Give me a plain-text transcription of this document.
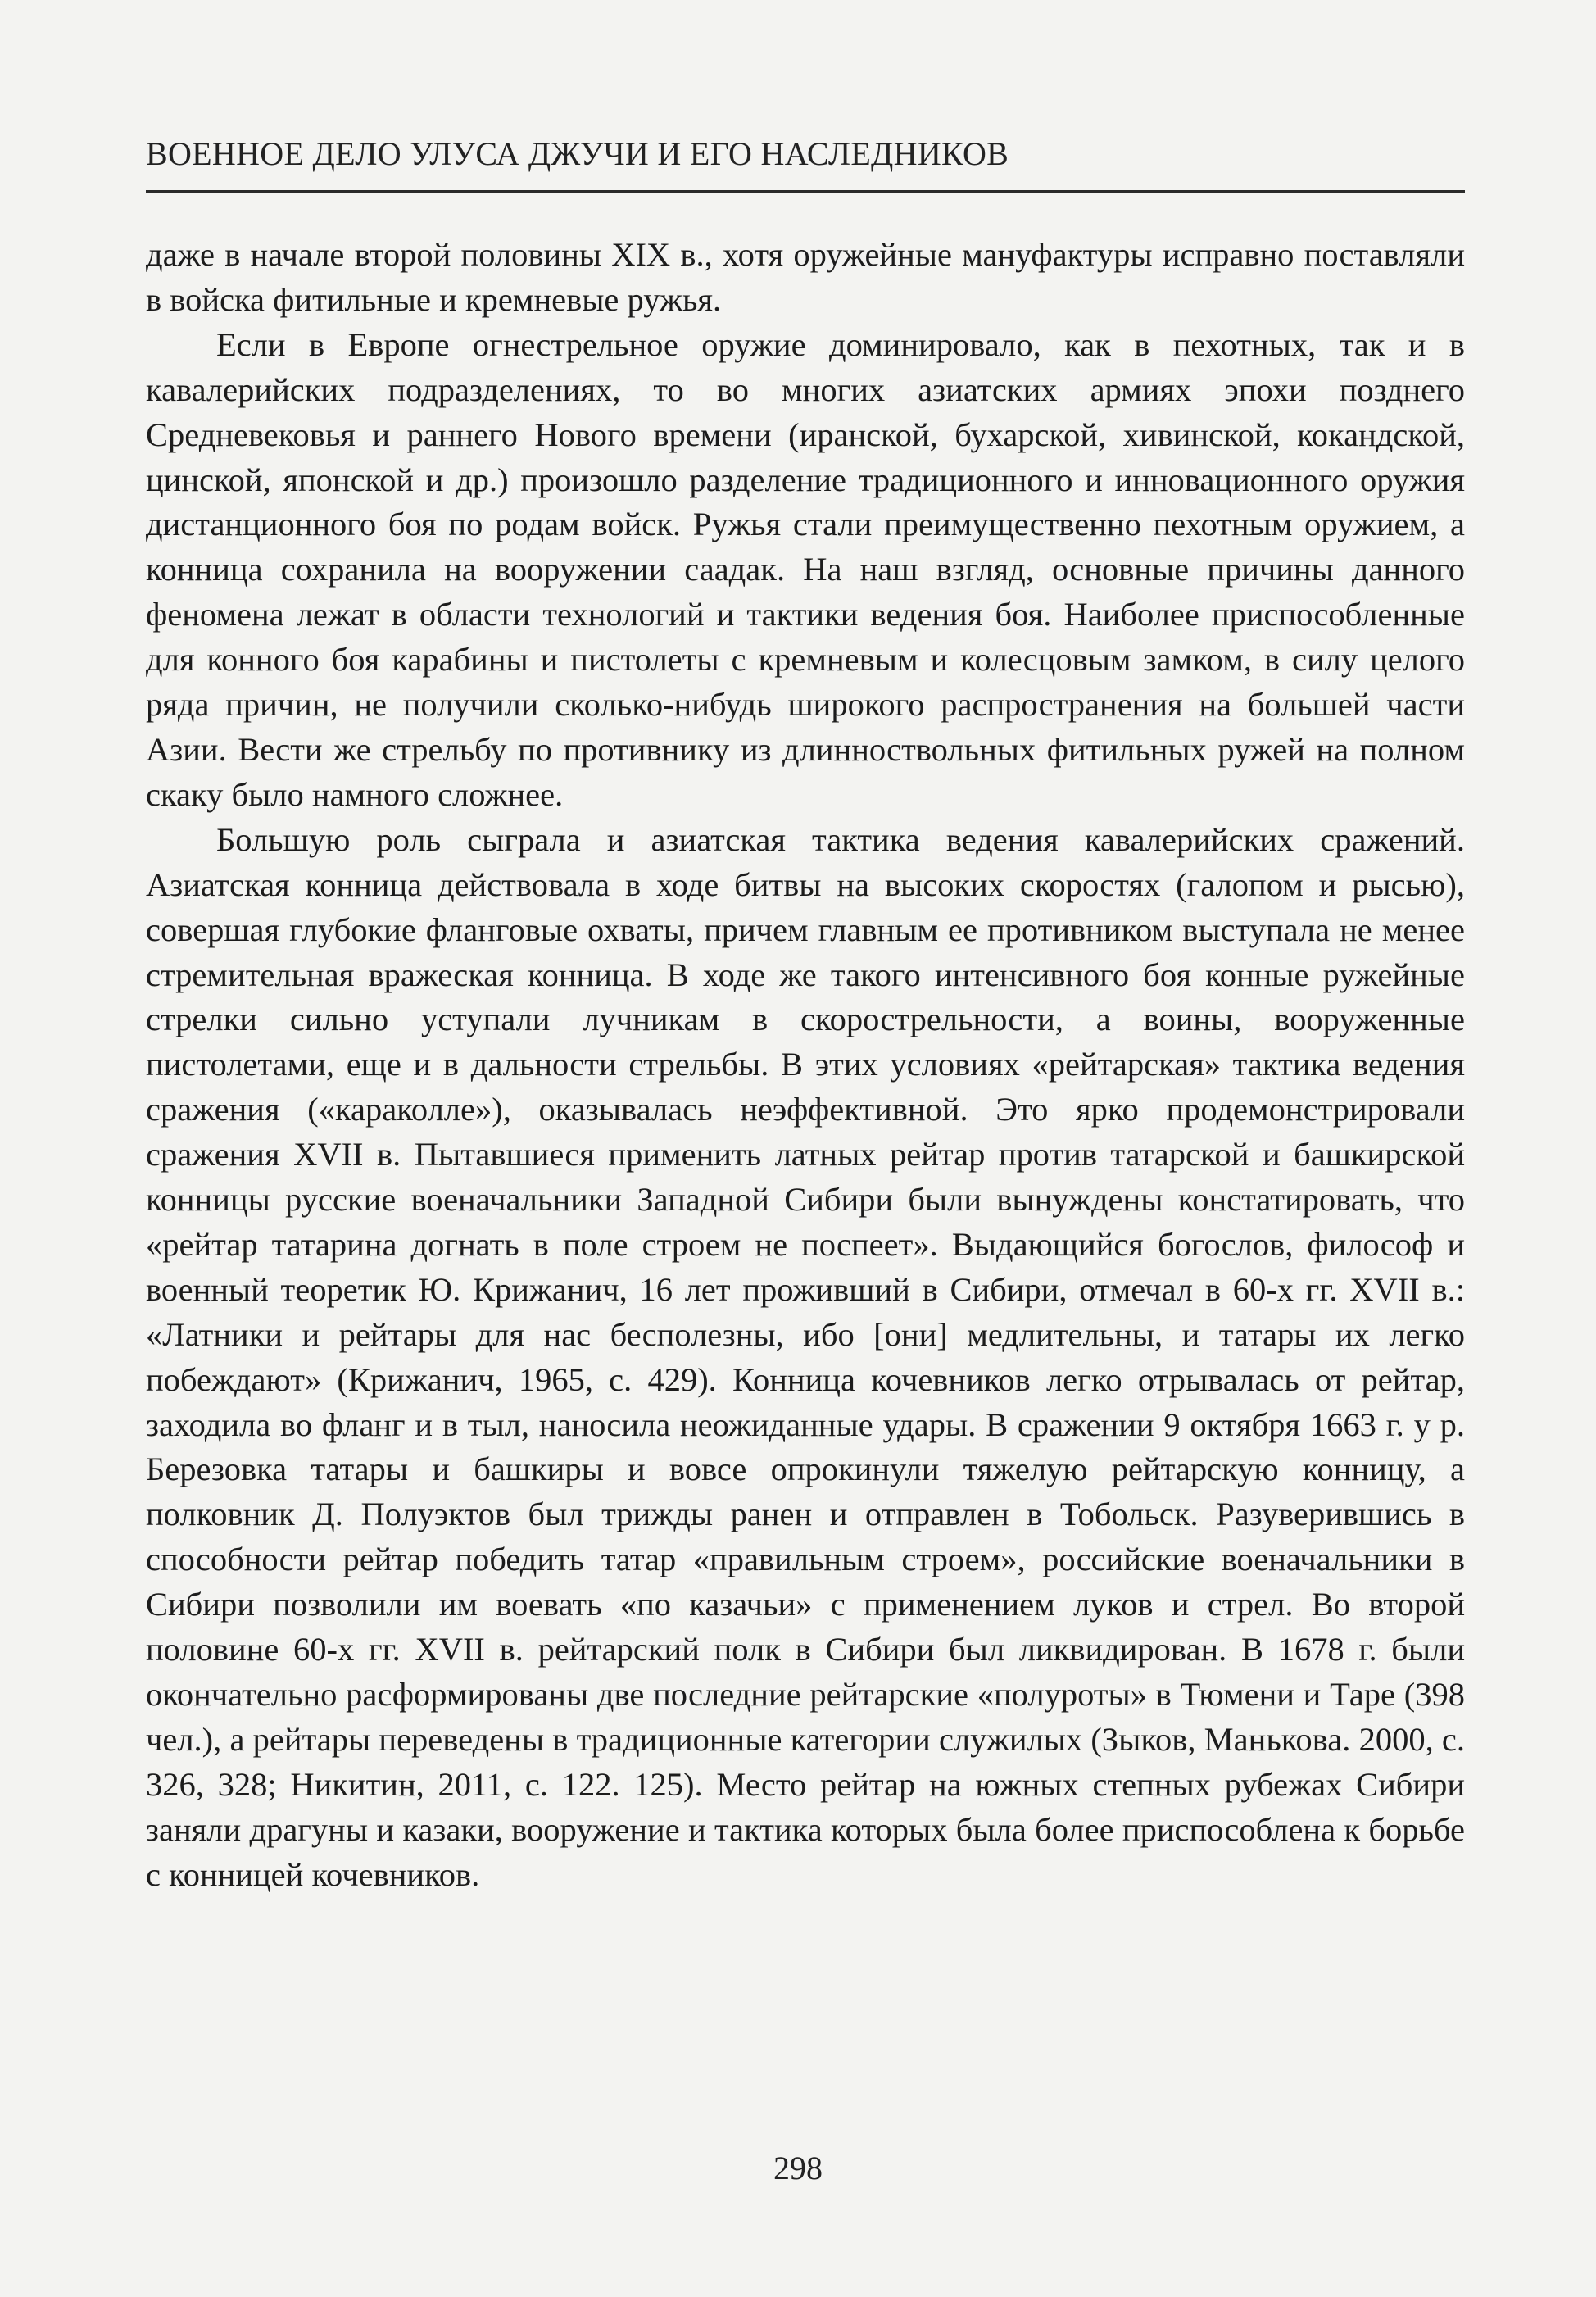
ВОЕННОЕ ДЕЛО УЛУСА ДЖУЧИ И ЕГО НАСЛЕДНИКОВ

даже в начале второй половины XIX в., хотя оружейные мануфактуры исправно поставляли в войска фитильные и кремневые ружья.

Если в Европе огнестрельное оружие доминировало, как в пехотных, так и в кавалерийских подразделениях, то во многих азиатских армиях эпохи позднего Средневековья и раннего Нового времени (иранской, бухарской, хивинской, кокандской, цинской, японской и др.) произошло разделение традиционного и инновационного оружия дистанционного боя по родам войск. Ружья стали преимущественно пехотным оружием, а конница сохранила на вооружении саадак. На наш взгляд, основные причины данного феномена лежат в области технологий и тактики ведения боя. Наиболее приспособленные для конного боя карабины и пистолеты с кремневым и колесцовым замком, в силу целого ряда причин, не получили сколько-нибудь широкого распространения на большей части Азии. Вести же стрельбу по противнику из длинноствольных фитильных ружей на полном скаку было намного сложнее.

Большую роль сыграла и азиатская тактика ведения кавалерийских сражений. Азиатская конница действовала в ходе битвы на высоких скоростях (галопом и рысью), совершая глубокие фланговые охваты, причем главным ее противником выступала не менее стремительная вражеская конница. В ходе же такого интенсивного боя конные ружейные стрелки сильно уступали лучникам в скорострельности, а воины, вооруженные пистолетами, еще и в дальности стрельбы. В этих условиях «рейтарская» тактика ведения сражения («караколле»), оказывалась неэффективной. Это ярко продемонстрировали сражения XVII в. Пытавшиеся применить латных рейтар против татарской и башкирской конницы русские военачальники Западной Сибири были вынуждены констатировать, что «рейтар татарина догнать в поле строем не поспеет». Выдающийся богослов, философ и военный теоретик Ю. Крижанич, 16 лет проживший в Сибири, отмечал в 60-х гг. XVII в.: «Латники и рейтары для нас бесполезны, ибо [они] медлительны, и татары их легко побеждают» (Крижанич, 1965, с. 429). Конница кочевников легко отрывалась от рейтар, заходила во фланг и в тыл, наносила неожиданные удары. В сражении 9 октября 1663 г. у р. Березовка татары и башкиры и вовсе опрокинули тяжелую рейтарскую конницу, а полковник Д. Полуэктов был трижды ранен и отправлен в Тобольск. Разуверившись в способности рейтар победить татар «правильным строем», российские военачальники в Сибири позволили им воевать «по казачьи» с применением луков и стрел. Во второй половине 60-х гг. XVII в. рейтарский полк в Сибири был ликвидирован. В 1678 г. были окончательно расформированы две последние рейтарские «полуроты» в Тюмени и Таре (398 чел.), а рейтары переведены в традиционные категории служилых (Зыков, Манькова. 2000, с. 326, 328; Никитин, 2011, с. 122. 125). Место рейтар на южных степных рубежах Сибири заняли драгуны и казаки, вооружение и тактика которых была более приспособлена к борьбе с конницей кочевников.

298
